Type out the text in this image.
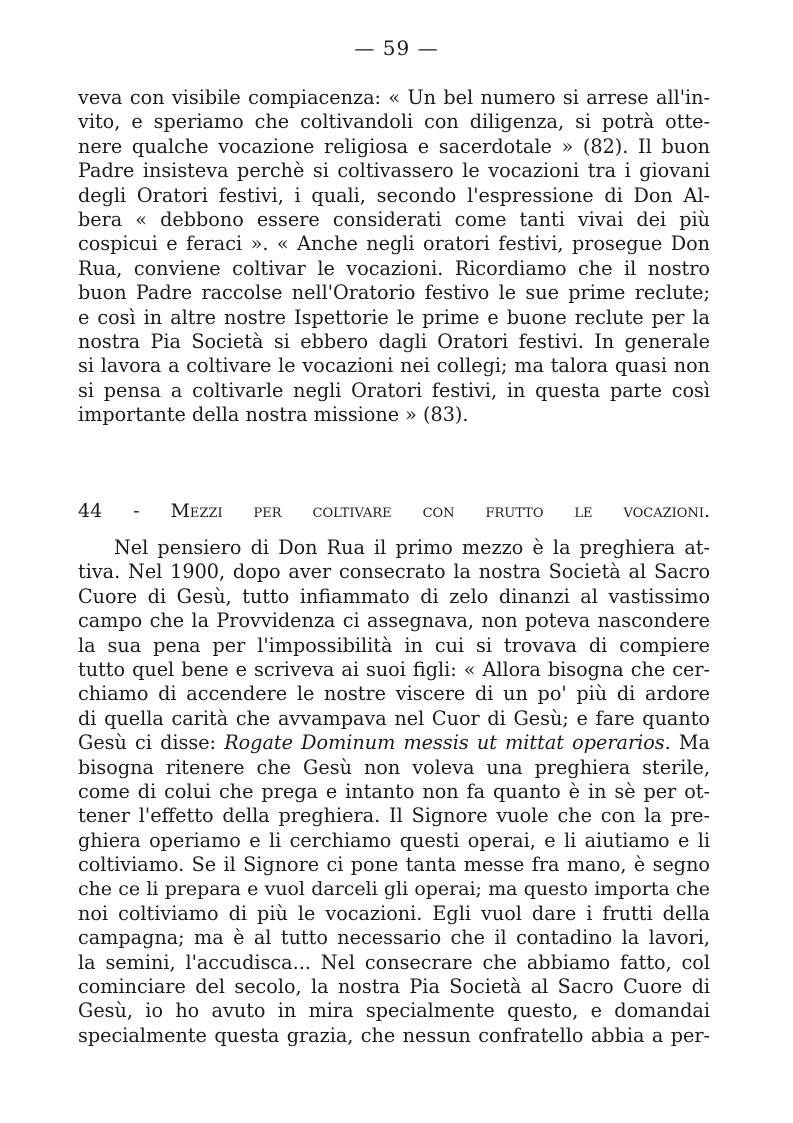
— 59 —
veva con visibile compiacenza: « Un bel numero si arrese all'in-
vito, e speriamo che coltivandoli con diligenza, si potrà otte-
nere qualche vocazione religiosa e sacerdotale » (82). Il buon
Padre insisteva perchè si coltivassero le vocazioni tra i giovani
degli Oratori festivi, i quali, secondo l'espressione di Don Al-
bera « debbono essere considerati come tanti vivai dei più
cospicui e feraci ». « Anche negli oratori festivi, prosegue Don
Rua, conviene coltivar le vocazioni. Ricordiamo che il nostro
buon Padre raccolse nell'Oratorio festivo le sue prime reclute;
e così in altre nostre Ispettorie le prime e buone reclute per la
nostra Pia Società si ebbero dagli Oratori festivi. In generale
si lavora a coltivare le vocazioni nei collegi; ma talora quasi non
si pensa a coltivarle negli Oratori festivi, in questa parte così
importante della nostra missione » (83).
44 - Mezzi per coltivare con frutto le vocazioni.
Nel pensiero di Don Rua il primo mezzo è la preghiera at-
tiva. Nel 1900, dopo aver consecrato la nostra Società al Sacro
Cuore di Gesù, tutto infiammato di zelo dinanzi al vastissimo
campo che la Provvidenza ci assegnava, non poteva nascondere
la sua pena per l'impossibilità in cui si trovava di compiere
tutto quel bene e scriveva ai suoi figli: « Allora bisogna che cer-
chiamo di accendere le nostre viscere di un po' più di ardore
di quella carità che avvampava nel Cuor di Gesù; e fare quanto
Gesù ci disse: Rogate Dominum messis ut mittat operarios. Ma
bisogna ritenere che Gesù non voleva una preghiera sterile,
come di colui che prega e intanto non fa quanto è in sè per ot-
tener l'effetto della preghiera. Il Signore vuole che con la pre-
ghiera operiamo e li cerchiamo questi operai, e li aiutiamo e li
coltiviamo. Se il Signore ci pone tanta messe fra mano, è segno
che ce li prepara e vuol darceli gli operai; ma questo importa che
noi coltiviamo di più le vocazioni. Egli vuol dare i frutti della
campagna; ma è al tutto necessario che il contadino la lavori,
la semini, l'accudisca... Nel consecrare che abbiamo fatto, col
cominciare del secolo, la nostra Pia Società al Sacro Cuore di
Gesù, io ho avuto in mira specialmente questo, e domandai
specialmente questa grazia, che nessun confratello abbia a per-
